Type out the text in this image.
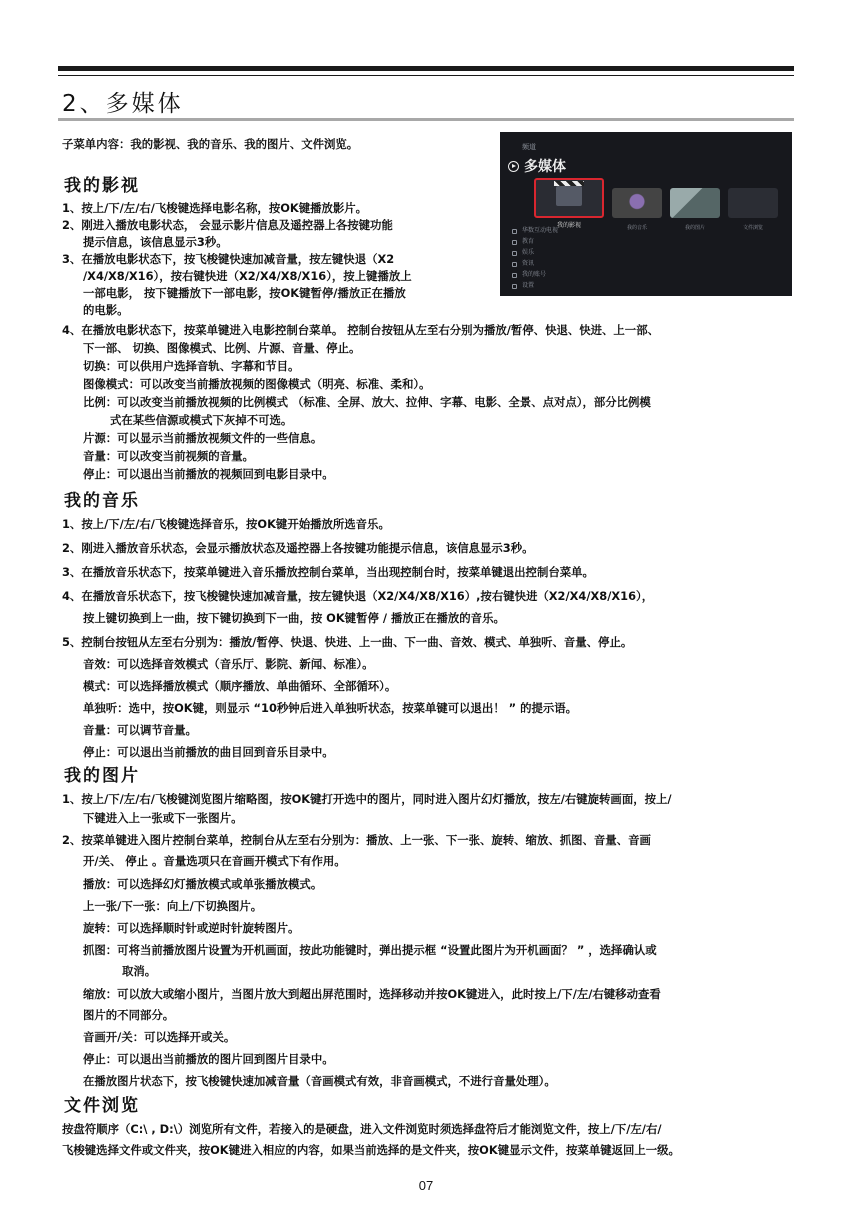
2、多媒体

子菜单内容：我的影视、我的音乐、我的图片、文件浏览。	频道
多媒体
我的影视	我的音乐	我的图片	文件浏览
华数互动电视
教育
娱乐
资讯
我的账号
设置
我的影视

1、按上/下/左/右/飞梭键选择电影名称，按OK键播放影片。

2、刚进入播放电影状态， 会显示影片信息及遥控器上各按键功能

提示信息，该信息显示3秒。

3、在播放电影状态下，按飞梭键快速加减音量，按左键快退（X2

/X4/X8/X16），按右键快进（X2/X4/X8/X16），按上键播放上

一部电影， 按下键播放下一部电影，按OK键暂停/播放正在播放

的电影。

4、在播放电影状态下，按菜单键进入电影控制台菜单。 控制台按钮从左至右分别为播放/暂停、快退、快进、上一部、

下一部、 切换、图像模式、比例、片源、音量、停止。

切换：可以供用户选择音轨、字幕和节目。

图像模式：可以改变当前播放视频的图像模式（明亮、标准、柔和）。

比例：可以改变当前播放视频的比例模式 （标准、全屏、放大、拉伸、字幕、电影、全景、点对点），部分比例模

式在某些信源或模式下灰掉不可选。

片源：可以显示当前播放视频文件的一些信息。

音量：可以改变当前视频的音量。

停止：可以退出当前播放的视频回到电影目录中。

我的音乐

1、按上/下/左/右/飞梭键选择音乐，按OK键开始播放所选音乐。

2、刚进入播放音乐状态，会显示播放状态及遥控器上各按键功能提示信息，该信息显示3秒。

3、在播放音乐状态下，按菜单键进入音乐播放控制台菜单，当出现控制台时，按菜单键退出控制台菜单。

4、在播放音乐状态下，按飞梭键快速加减音量，按左键快退（X2/X4/X8/X16）,按右键快进（X2/X4/X8/X16），

按上键切换到上一曲，按下键切换到下一曲，按 OK键暂停 / 播放正在播放的音乐。

5、控制台按钮从左至右分别为：播放/暂停、快退、快进、上一曲、下一曲、音效、模式、单独听、音量、停止。

音效：可以选择音效模式（音乐厅、影院、新闻、标准）。

模式：可以选择播放模式（顺序播放、单曲循环、全部循环）。

单独听：选中，按OK键，则显示 “10秒钟后进入单独听状态，按菜单键可以退出！ ” 的提示语。

音量：可以调节音量。

停止：可以退出当前播放的曲目回到音乐目录中。

我的图片

1、按上/下/左/右/飞梭键浏览图片缩略图，按OK键打开选中的图片，同时进入图片幻灯播放，按左/右键旋转画面，按上/

下键进入上一张或下一张图片。

2、按菜单键进入图片控制台菜单，控制台从左至右分别为：播放、上一张、下一张、旋转、缩放、抓图、音量、音画

开/关、 停止 。音量选项只在音画开模式下有作用。

播放：可以选择幻灯播放模式或单张播放模式。

上一张/下一张：向上/下切换图片。

旋转：可以选择顺时针或逆时针旋转图片。

抓图：可将当前播放图片设置为开机画面，按此功能键时，弹出提示框 “设置此图片为开机画面？ ” ，选择确认或

取消。

缩放：可以放大或缩小图片，当图片放大到超出屏范围时，选择移动并按OK键进入，此时按上/下/左/右键移动查看

图片的不同部分。

音画开/关：可以选择开或关。

停止：可以退出当前播放的图片回到图片目录中。

在播放图片状态下，按飞梭键快速加减音量（音画模式有效，非音画模式，不进行音量处理）。

文件浏览

按盘符顺序（C:\ , D:\）浏览所有文件，若接入的是硬盘，进入文件浏览时须选择盘符后才能浏览文件，按上/下/左/右/

飞梭键选择文件或文件夹，按OK键进入相应的内容，如果当前选择的是文件夹，按OK键显示文件，按菜单键返回上一级。

07
